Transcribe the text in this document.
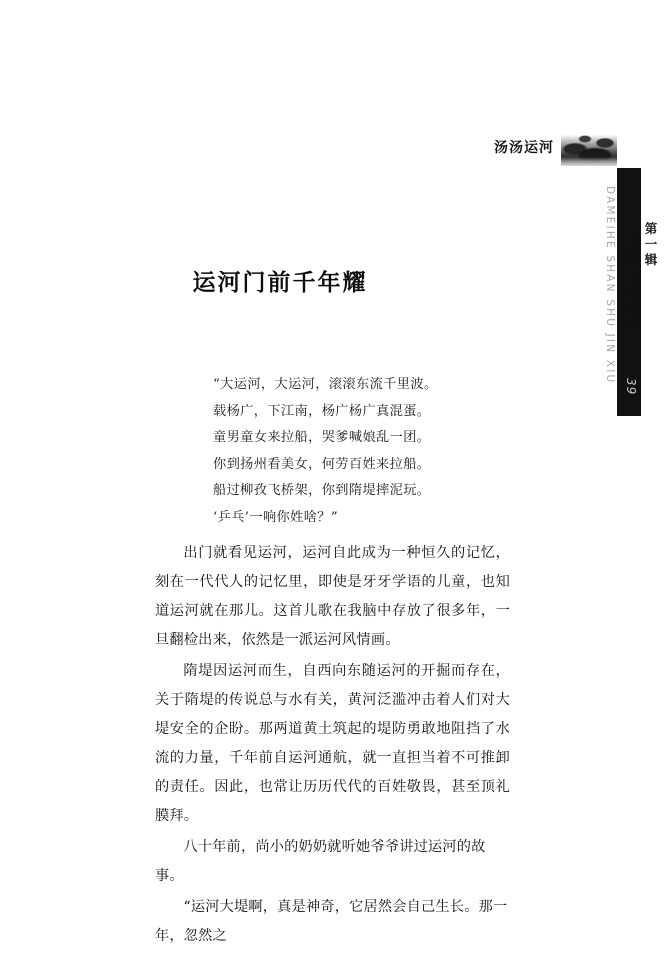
汤汤运河
DAMEIHE SHAN SHU JIN XIU 第一辑
大美河山书锦绣
39
运河门前千年耀

“大运河，大运河，滚滚东流千里波。

载杨广，下江南，杨广杨广真混蛋。

童男童女来拉船，哭爹喊娘乱一团。

你到扬州看美女，何劳百姓来拉船。

船过柳孜飞桥架，你到隋堤摔泥玩。

‘乒乓’一响你姓啥？”

出门就看见运河，运河自此成为一种恒久的记忆，刻在一代代人的记忆里，即使是牙牙学语的儿童，也知道运河就在那儿。这首儿歌在我脑中存放了很多年，一旦翻检出来，依然是一派运河风情画。

隋堤因运河而生，自西向东随运河的开掘而存在，关于隋堤的传说总与水有关，黄河泛滥冲击着人们对大堤安全的企盼。那两道黄土筑起的堤防勇敢地阻挡了水流的力量，千年前自运河通航，就一直担当着不可推卸的责任。因此，也常让历历代代的百姓敬畏，甚至顶礼膜拜。

八十年前，尚小的奶奶就听她爷爷讲过运河的故事。

“运河大堤啊，真是神奇，它居然会自己生长。那一年，忽然之
